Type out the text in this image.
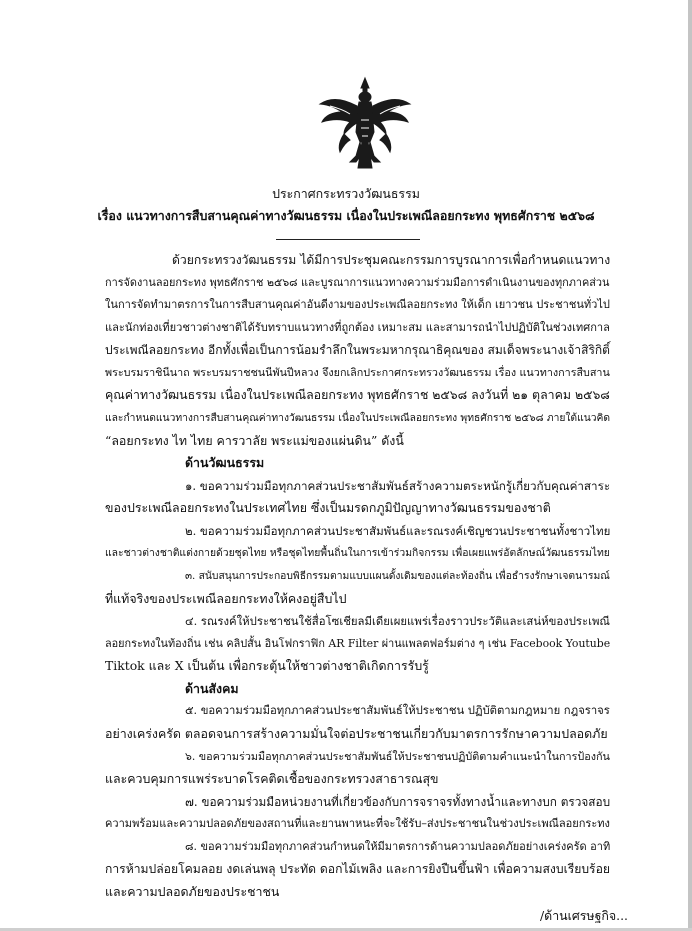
ประกาศกระทรวงวัฒนธรรม
เรื่อง แนวทางการสืบสานคุณค่าทางวัฒนธรรม เนื่องในประเพณีลอยกระทง พุทธศักราช ๒๕๖๘
ด้วยกระทรวงวัฒนธรรม ได้มีการประชุมคณะกรรมการบูรณาการเพื่อกำหนดแนวทาง
การจัดงานลอยกระทง พุทธศักราช ๒๕๖๘ และบูรณาการแนวทางความร่วมมือการดำเนินงานของทุกภาคส่วน
ในการจัดทำมาตรการในการสืบสานคุณค่าอันดีงามของประเพณีลอยกระทง ให้เด็ก เยาวชน ประชาชนทั่วไป
และนักท่องเที่ยวชาวต่างชาติได้รับทราบแนวทางที่ถูกต้อง เหมาะสม และสามารถนำไปปฏิบัติในช่วงเทศกาล
ประเพณีลอยกระทง อีกทั้งเพื่อเป็นการน้อมรำลึกในพระมหากรุณาธิคุณของ สมเด็จพระนางเจ้าสิริกิติ์
พระบรมราชินีนาถ พระบรมราชชนนีพันปีหลวง จึงยกเลิกประกาศกระทรวงวัฒนธรรม เรื่อง แนวทางการสืบสาน
คุณค่าทางวัฒนธรรม เนื่องในประเพณีลอยกระทง พุทธศักราช ๒๕๖๘ ลงวันที่ ๒๑ ตุลาคม ๒๕๖๘
และกำหนดแนวทางการสืบสานคุณค่าทางวัฒนธรรม เนื่องในประเพณีลอยกระทง พุทธศักราช ๒๕๖๘ ภายใต้แนวคิด
“ลอยกระทง ไท ไทย คารวาลัย พระแม่ของแผ่นดิน” ดังนี้
ด้านวัฒนธรรม
๑. ขอความร่วมมือทุกภาคส่วนประชาสัมพันธ์สร้างความตระหนักรู้เกี่ยวกับคุณค่าสาระ
ของประเพณีลอยกระทงในประเทศไทย ซึ่งเป็นมรดกภูมิปัญญาทางวัฒนธรรมของชาติ
๒. ขอความร่วมมือทุกภาคส่วนประชาสัมพันธ์และรณรงค์เชิญชวนประชาชนทั้งชาวไทย
และชาวต่างชาติแต่งกายด้วยชุดไทย หรือชุดไทยพื้นถิ่นในการเข้าร่วมกิจกรรม เพื่อเผยแพร่อัตลักษณ์วัฒนธรรมไทย
๓. สนับสนุนการประกอบพิธีกรรมตามแบบแผนดั้งเดิมของแต่ละท้องถิ่น เพื่อธำรงรักษาเจตนารมณ์
ที่แท้จริงของประเพณีลอยกระทงให้คงอยู่สืบไป
๔. รณรงค์ให้ประชาชนใช้สื่อโซเชียลมีเดียเผยแพร่เรื่องราวประวัติและเสน่ห์ของประเพณี
ลอยกระทงในท้องถิ่น เช่น คลิปสั้น อินโฟกราฟิก AR Filter ผ่านแพลตฟอร์มต่าง ๆ เช่น Facebook Youtube
Tiktok และ X เป็นต้น เพื่อกระตุ้นให้ชาวต่างชาติเกิดการรับรู้
ด้านสังคม
๕. ขอความร่วมมือทุกภาคส่วนประชาสัมพันธ์ให้ประชาชน ปฏิบัติตามกฎหมาย กฎจราจร
อย่างเคร่งครัด ตลอดจนการสร้างความมั่นใจต่อประชาชนเกี่ยวกับมาตรการรักษาความปลอดภัย
๖. ขอความร่วมมือทุกภาคส่วนประชาสัมพันธ์ให้ประชาชนปฏิบัติตามคำแนะนำในการป้องกัน
และควบคุมการแพร่ระบาดโรคติดเชื้อของกระทรวงสาธารณสุข
๗. ขอความร่วมมือหน่วยงานที่เกี่ยวข้องกับการจราจรทั้งทางน้ำและทางบก ตรวจสอบ
ความพร้อมและความปลอดภัยของสถานที่และยานพาหนะที่จะใช้รับ–ส่งประชาชนในช่วงประเพณีลอยกระทง
๘. ขอความร่วมมือทุกภาคส่วนกำหนดให้มีมาตรการด้านความปลอดภัยอย่างเคร่งครัด อาทิ
การห้ามปล่อยโคมลอย งดเล่นพลุ ประทัด ดอกไม้เพลิง และการยิงปืนขึ้นฟ้า เพื่อความสงบเรียบร้อย
และความปลอดภัยของประชาชน
/ด้านเศรษฐกิจ...
